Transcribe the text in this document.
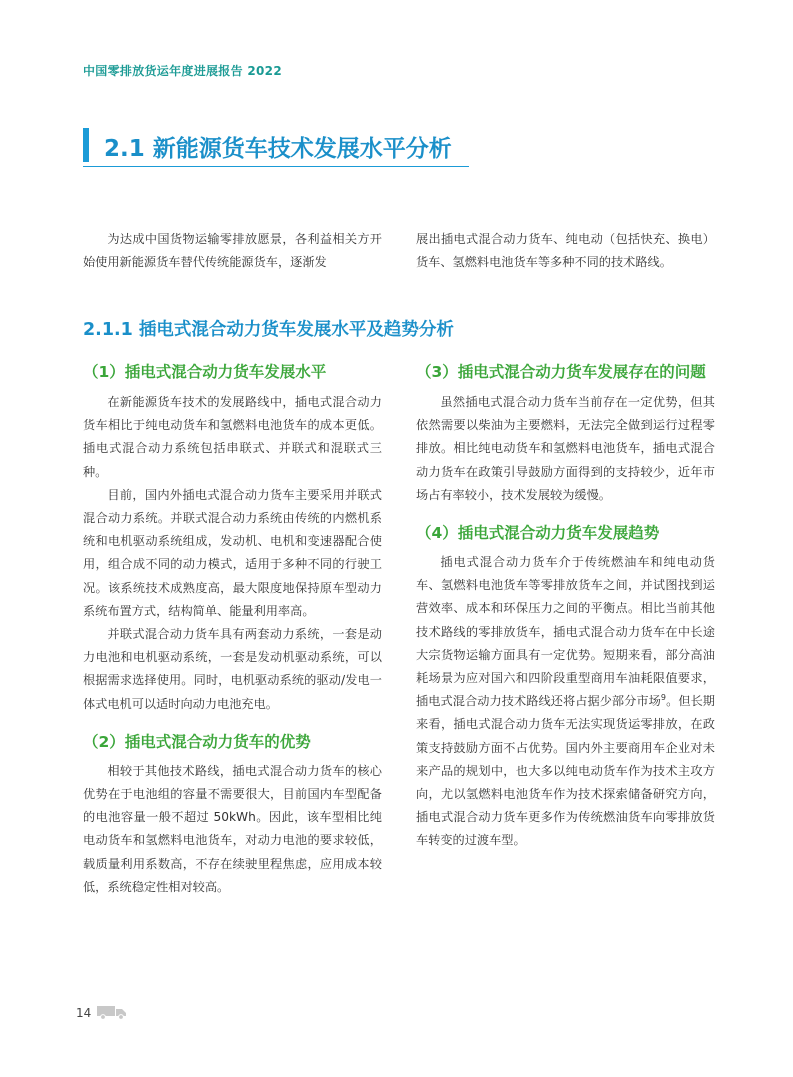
中国零排放货运年度进展报告 2022
2.1 新能源货车技术发展水平分析

为达成中国货物运输零排放愿景，各利益相关方开始使用新能源货车替代传统能源货车，逐渐发

展出插电式混合动力货车、纯电动（包括快充、换电）货车、氢燃料电池货车等多种不同的技术路线。

2.1.1 插电式混合动力货车发展水平及趋势分析
（1）插电式混合动力货车发展水平

在新能源货车技术的发展路线中，插电式混合动力货车相比于纯电动货车和氢燃料电池货车的成本更低。插电式混合动力系统包括串联式、并联式和混联式三种。

目前，国内外插电式混合动力货车主要采用并联式混合动力系统。并联式混合动力系统由传统的内燃机系统和电机驱动系统组成，发动机、电机和变速器配合使用，组合成不同的动力模式，适用于多种不同的行驶工况。该系统技术成熟度高，最大限度地保持原车型动力系统布置方式，结构简单、能量利用率高。

并联式混合动力货车具有两套动力系统，一套是动力电池和电机驱动系统，一套是发动机驱动系统，可以根据需求选择使用。同时，电机驱动系统的驱动/发电一体式电机可以适时向动力电池充电。

（2）插电式混合动力货车的优势

相较于其他技术路线，插电式混合动力货车的核心优势在于电池组的容量不需要很大，目前国内车型配备的电池容量一般不超过 50kWh。因此，该车型相比纯电动货车和氢燃料电池货车，对动力电池的要求较低，载质量利用系数高，不存在续驶里程焦虑，应用成本较低，系统稳定性相对较高。

（3） 插电式混合动力货车发展存在的问题

虽然插电式混合动力货车当前存在一定优势，但其依然需要以柴油为主要燃料，无法完全做到运行过程零排放。相比纯电动货车和氢燃料电池货车，插电式混合动力货车在政策引导鼓励方面得到的支持较少，近年市场占有率较小，技术发展较为缓慢。

（4）插电式混合动力货车发展趋势

插电式混合动力货车介于传统燃油车和纯电动货车、氢燃料电池货车等零排放货车之间，并试图找到运营效率、成本和环保压力之间的平衡点。相比当前其他技术路线的零排放货车，插电式混合动力货车在中长途大宗货物运输方面具有一定优势。短期来看，部分高油耗场景为应对国六和四阶段重型商用车油耗限值要求，插电式混合动力技术路线还将占据少部分市场$^9$。但长期来看，插电式混合动力货车无法实现货运零排放，在政策支持鼓励方面不占优势。国内外主要商用车企业对未来产品的规划中，也大多以纯电动货车作为技术主攻方向，尤以氢燃料电池货车作为技术探索储备研究方向，插电式混合动力货车更多作为传统燃油货车向零排放货车转变的过渡车型。

14
